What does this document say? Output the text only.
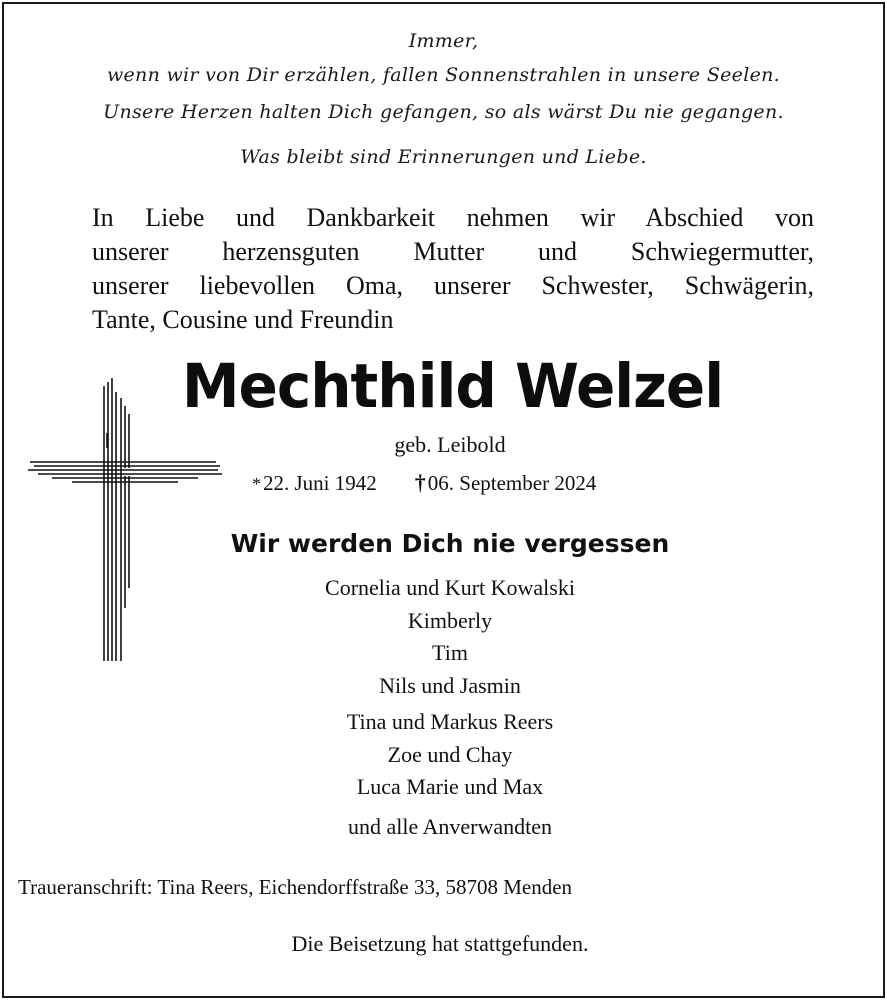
Immer,
wenn wir von Dir erzählen, fallen Sonnenstrahlen in unsere Seelen.
Unsere Herzen halten Dich gefangen, so als wärst Du nie gegangen.
Was bleibt sind Erinnerungen und Liebe.
In Liebe und Dankbarkeit nehmen wir Abschied von
unserer herzensguten Mutter und Schwiegermutter,
unserer liebevollen Oma, unserer Schwester, Schwägerin,
Tante, Cousine und Freundin
Mechthild Welzel
geb. Leibold
*22. Juni 1942 †06. September 2024
Wir werden Dich nie vergessen
Cornelia und Kurt Kowalski
Kimberly
Tim
Nils und Jasmin
Tina und Markus Reers
Zoe und Chay
Luca Marie und Max
und alle Anverwandten
Traueranschrift: Tina Reers, Eichendorffstraße 33, 58708 Menden
Die Beisetzung hat stattgefunden.
